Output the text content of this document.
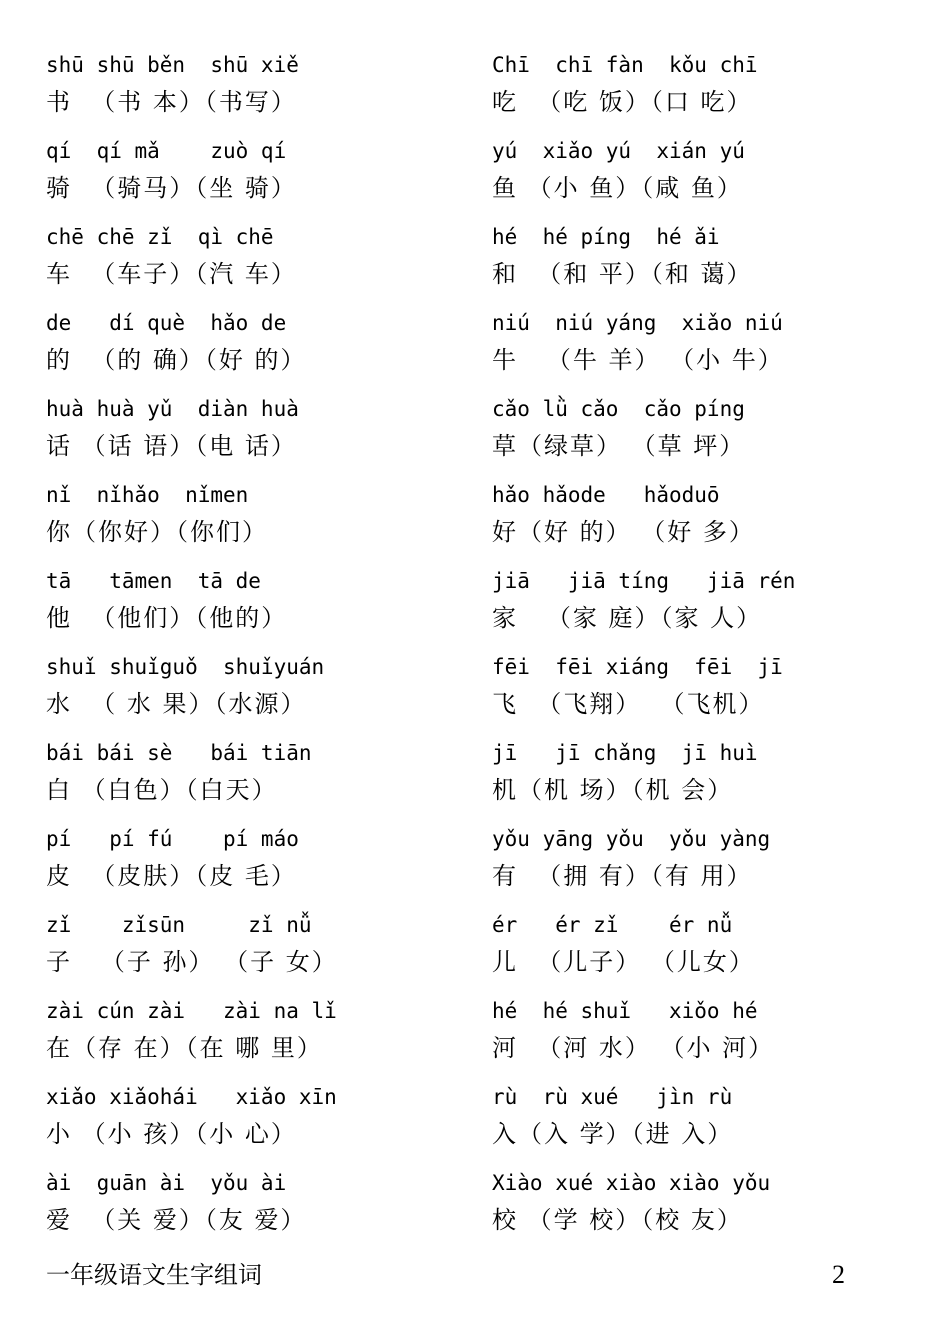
shū shū běn  shū xiě
书  （书 本）（书写）
qí  qí mǎ    zuò qí
骑  （骑马）（坐 骑）
chē chē zǐ  qì chē
车  （车子）（汽 车）
de   dí què  hǎo de
的  （的 确）（好 的）
huà huà yǔ  diàn huà
话 （话 语）（电 话）
nǐ  nǐhǎo  nǐmen
你（你好）（你们）
tā   tāmen  tā de
他  （他们）（他的）
shuǐ shuǐguǒ  shuǐyuán
水  （ 水 果）（水源）
bái bái sè   bái tiān
白 （白色）（白天）
pí   pí fú    pí máo
皮  （皮肤）（皮 毛）
zǐ    zǐsūn     zǐ nǚ
子   （子 孙） （子 女）
zài cún zài   zài na lǐ
在（存 在）（在 哪 里）
xiǎo xiǎohái   xiǎo xīn
小 （小 孩）（小 心）
ài  guān ài  yǒu ài
爱  （关 爱）（友 爱）
Chī  chī fàn  kǒu chī
吃  （吃 饭）（口 吃）
yú  xiǎo yú  xián yú
鱼 （小 鱼）（咸 鱼）
hé  hé píng  hé ǎi
和  （和 平）（和 蔼）
niú  niú yáng  xiǎo niú
牛   （牛 羊） （小 牛）
cǎo lǜ cǎo  cǎo píng
草（绿草） （草 坪）
hǎo hǎode   hǎoduō
好（好 的） （好 多）
jiā   jiā tíng   jiā rén
家   （家 庭）（家 人）
fēi  fēi xiáng  fēi  jī
飞  （飞翔）  （飞机）
jī   jī chǎng  jī huì
机（机 场）（机 会）
yǒu yāng yǒu  yǒu yàng
有  （拥 有）（有 用）
ér   ér zǐ    ér nǚ
儿  （儿子） （儿女）
hé  hé shuǐ   xiǒo hé
河  （河 水） （小 河）
rù  rù xué   jìn rù
入（入 学）（进 入）
Xiào xué xiào xiào yǒu
校 （学 校）（校 友）
一年级语文生字组词	2
